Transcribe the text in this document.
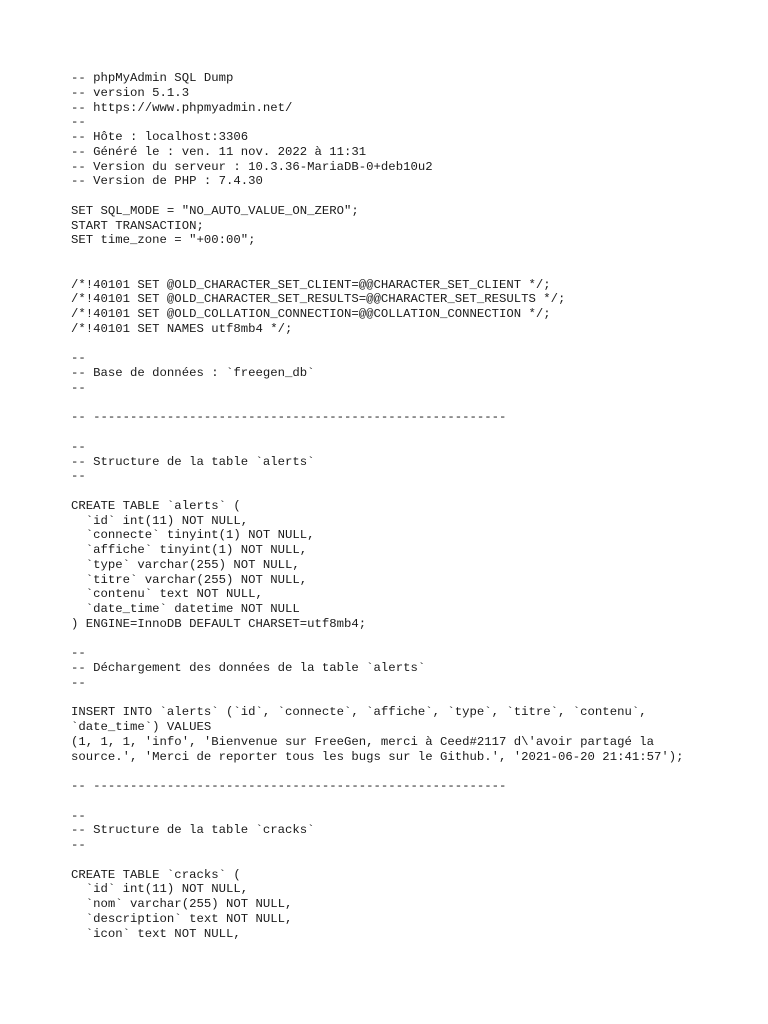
-- phpMyAdmin SQL Dump
-- version 5.1.3
-- https://www.phpmyadmin.net/
--
-- Hôte : localhost:3306
-- Généré le : ven. 11 nov. 2022 à 11:31
-- Version du serveur : 10.3.36-MariaDB-0+deb10u2
-- Version de PHP : 7.4.30
SET SQL_MODE = "NO_AUTO_VALUE_ON_ZERO";
START TRANSACTION;
SET time_zone = "+00:00";
/*!40101 SET @OLD_CHARACTER_SET_CLIENT=@@CHARACTER_SET_CLIENT */;
/*!40101 SET @OLD_CHARACTER_SET_RESULTS=@@CHARACTER_SET_RESULTS */;
/*!40101 SET @OLD_COLLATION_CONNECTION=@@COLLATION_CONNECTION */;
/*!40101 SET NAMES utf8mb4 */;
--
-- Base de données : `freegen_db`
--
-- --------------------------------------------------------
--
-- Structure de la table `alerts`
--
CREATE TABLE `alerts` (
`id` int(11) NOT NULL,
`connecte` tinyint(1) NOT NULL,
`affiche` tinyint(1) NOT NULL,
`type` varchar(255) NOT NULL,
`titre` varchar(255) NOT NULL,
`contenu` text NOT NULL,
`date_time` datetime NOT NULL
) ENGINE=InnoDB DEFAULT CHARSET=utf8mb4;
--
-- Déchargement des données de la table `alerts`
--
INSERT INTO `alerts` (`id`, `connecte`, `affiche`, `type`, `titre`, `contenu`,
`date_time`) VALUES
(1, 1, 1, 'info', 'Bienvenue sur FreeGen, merci à Ceed#2117 d\'avoir partagé la
source.', 'Merci de reporter tous les bugs sur le Github.', '2021-06-20 21:41:57');
-- --------------------------------------------------------
--
-- Structure de la table `cracks`
--
CREATE TABLE `cracks` (
`id` int(11) NOT NULL,
`nom` varchar(255) NOT NULL,
`description` text NOT NULL,
`icon` text NOT NULL,
